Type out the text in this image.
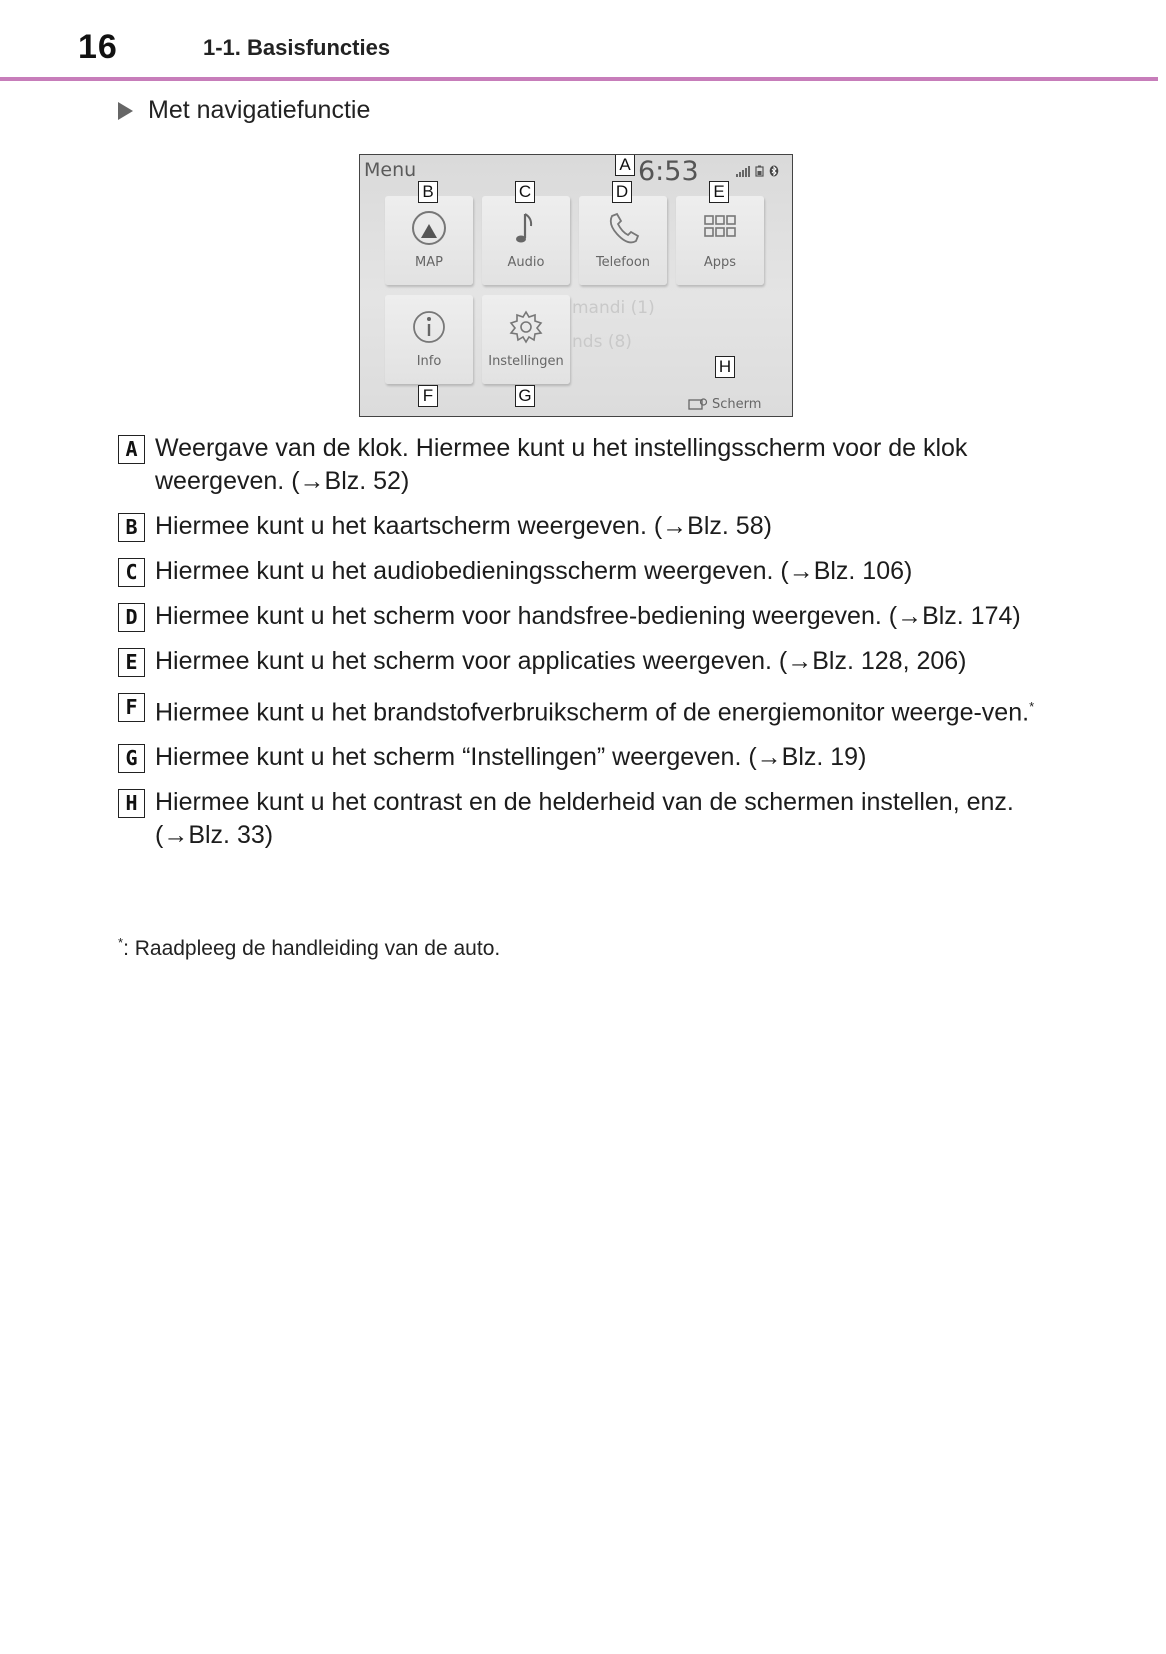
16	1-1. Basisfuncties
Met navigatiefunctie
Menu	6:53
mandi (1)
nds (8)
MAP	Audio	Telefoon	Apps
Info	Instellingen
Scherm
A
B	C	D	E
H
F	G
A Weergave van de klok. Hiermee kunt u het instellingsscherm voor de klok weergeven. (→Blz. 52)
B Hiermee kunt u het kaartscherm weergeven. (→Blz. 58)
C Hiermee kunt u het audiobedieningsscherm weergeven. (→Blz. 106)
D Hiermee kunt u het scherm voor handsfree-bediening weergeven. (→Blz. 174)
E Hiermee kunt u het scherm voor applicaties weergeven. (→Blz. 128, 206)
F Hiermee kunt u het brandstofverbruikscherm of de energiemonitor weerge-ven.*
G Hiermee kunt u het scherm “Instellingen” weergeven. (→Blz. 19)
H Hiermee kunt u het contrast en de helderheid van de schermen instellen, enz. (→Blz. 33)
*: Raadpleeg de handleiding van de auto.
